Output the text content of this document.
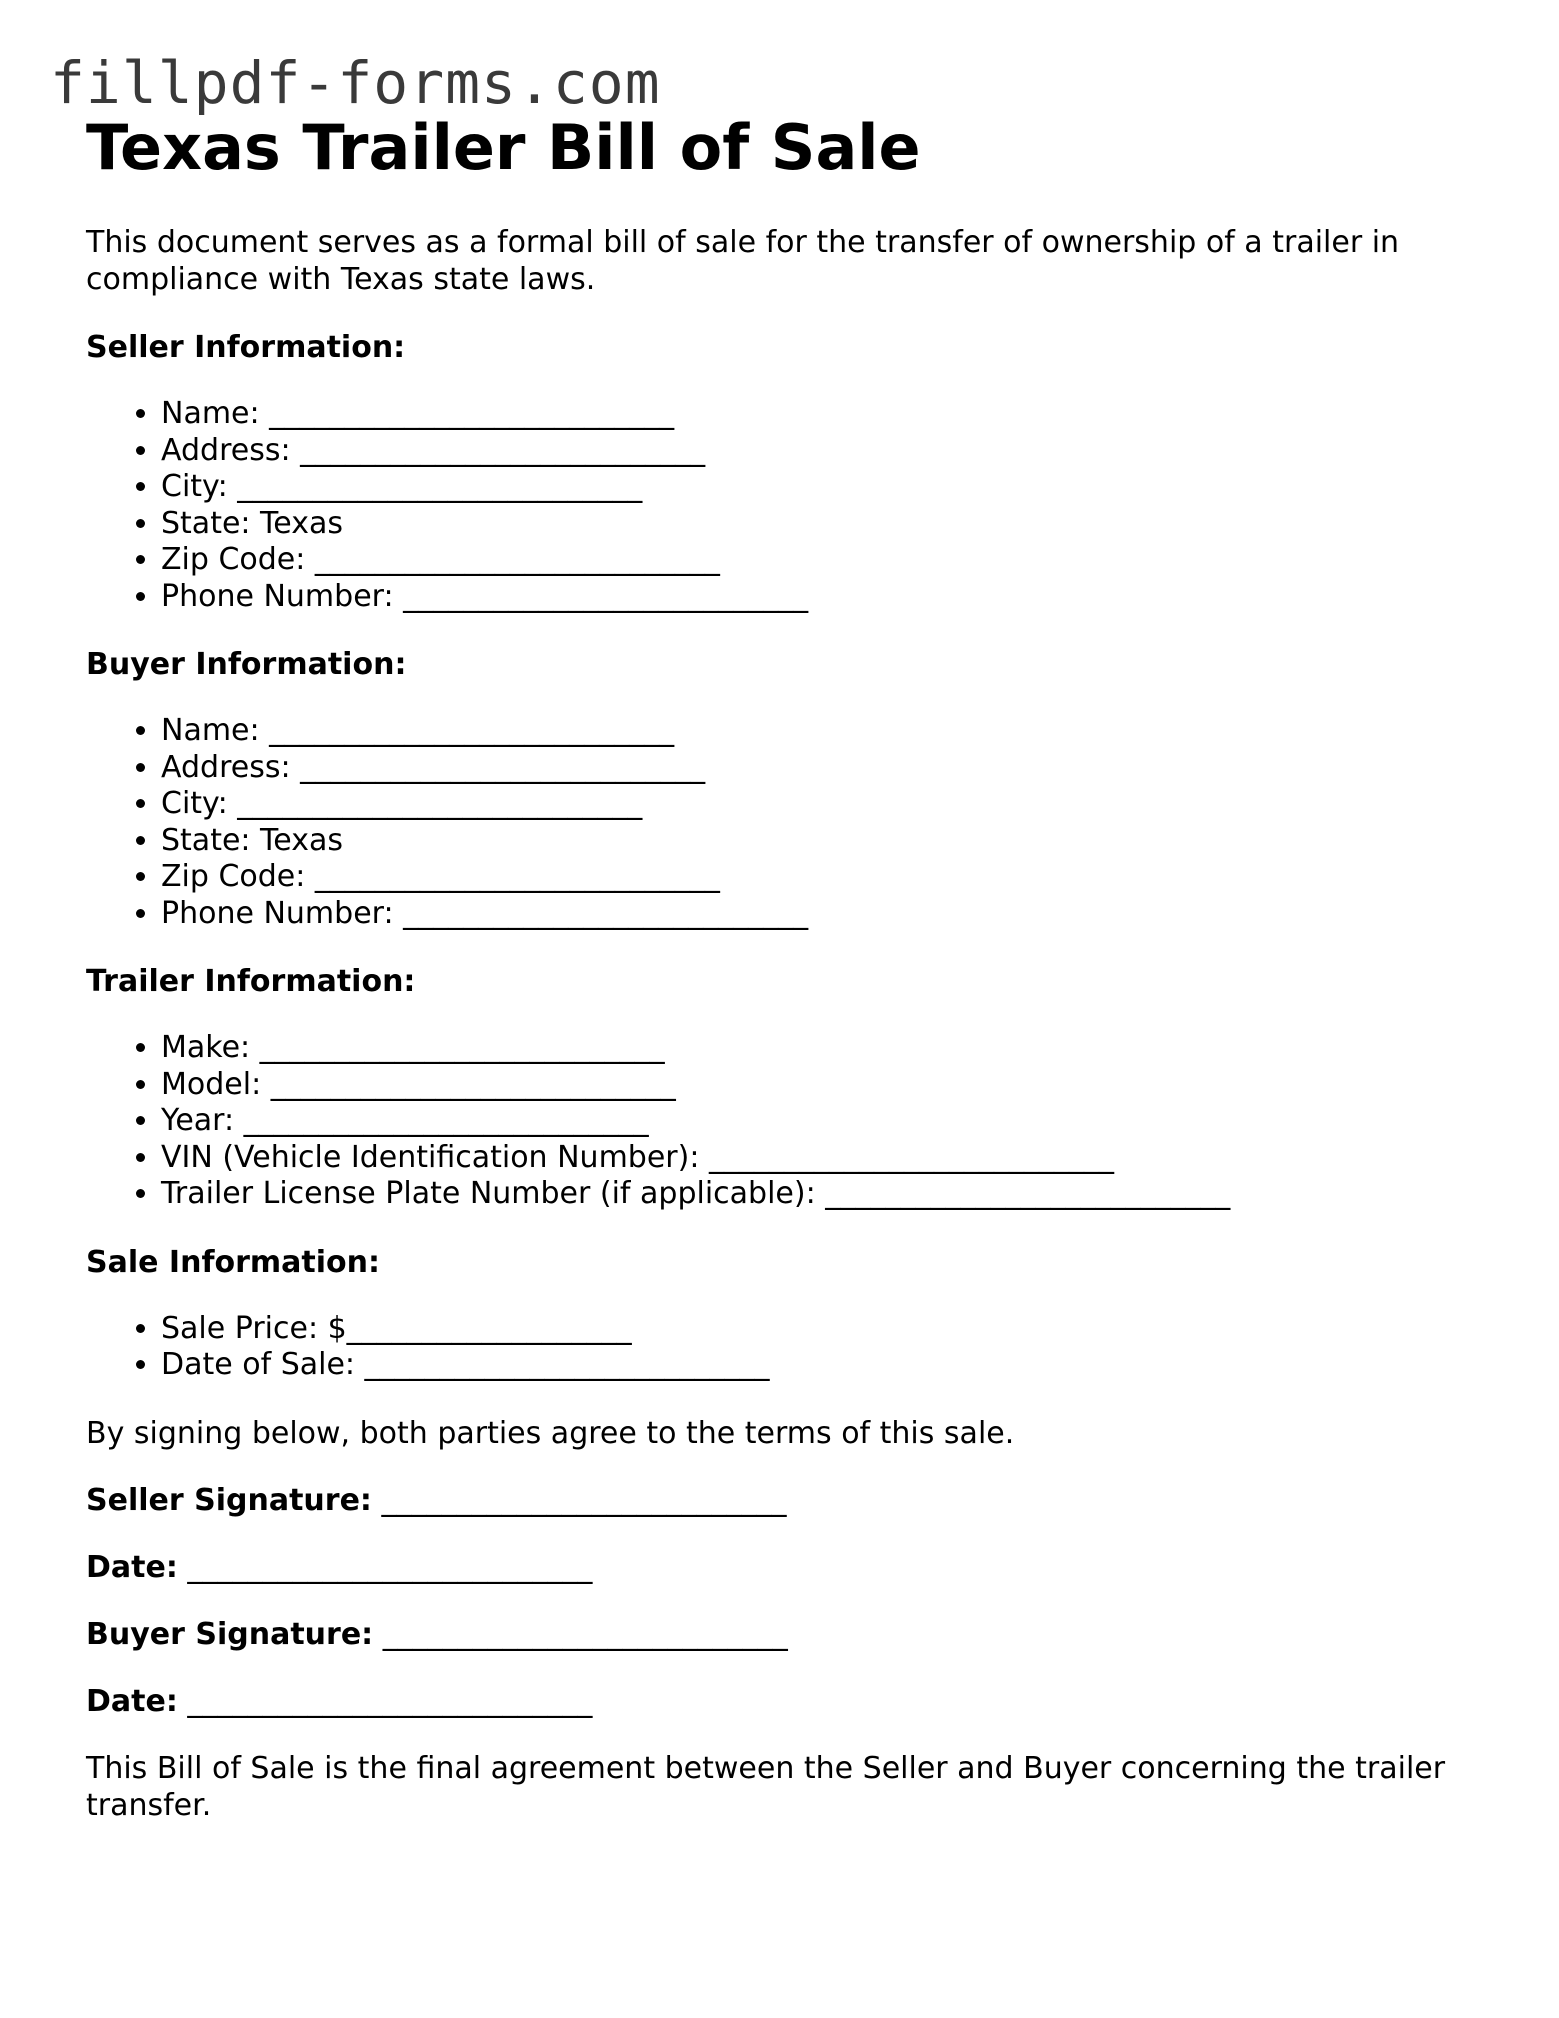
fillpdf-forms.com
Texas Trailer Bill of Sale

This document serves as a formal bill of sale for the transfer of ownership of a trailer in compliance with Texas state laws.

Seller Information:
• Name: ___________________________
• Address: ___________________________
• City: ___________________________
• State: Texas
• Zip Code: ___________________________
• Phone Number: ___________________________
Buyer Information:
• Name: ___________________________
• Address: ___________________________
• City: ___________________________
• State: Texas
• Zip Code: ___________________________
• Phone Number: ___________________________
Trailer Information:
• Make: ___________________________
• Model: ___________________________
• Year: ___________________________
• VIN (Vehicle Identification Number): ___________________________
• Trailer License Plate Number (if applicable): ___________________________
Sale Information:
• Sale Price: $___________________
• Date of Sale: ___________________________

By signing below, both parties agree to the terms of this sale.

Seller Signature: ___________________________

Date: ___________________________

Buyer Signature: ___________________________

Date: ___________________________

This Bill of Sale is the final agreement between the Seller and Buyer concerning the trailer transfer.
